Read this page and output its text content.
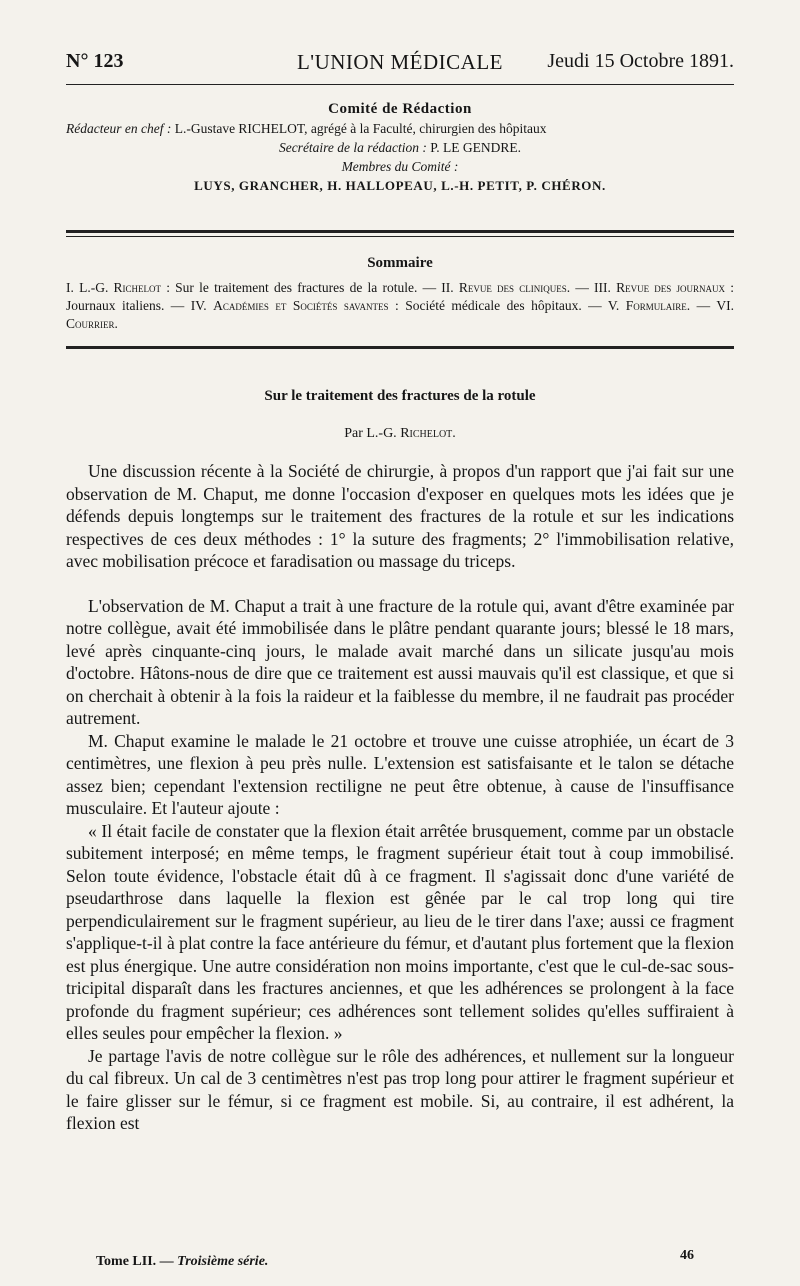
N° 123	L'UNION MÉDICALE	Jeudi 15 Octobre 1891.
Comité de Rédaction
Rédacteur en chef : L.-Gustave RICHELOT, agrégé à la Faculté, chirurgien des hôpitaux
Secrétaire de la rédaction : P. LE GENDRE.
Membres du Comité :
LUYS, GRANCHER, H. HALLOPEAU, L.-H. PETIT, P. CHÉRON.
Sommaire
I. L.-G. Richelot : Sur le traitement des fractures de la rotule. — II. Revue des cliniques. — III. Revue des journaux : Journaux italiens. — IV. Académies et Sociétés savantes : Société médicale des hôpitaux. — V. Formulaire. — VI. Courrier.
Sur le traitement des fractures de la rotule
Par L.-G. Richelot.

Une discussion récente à la Société de chirurgie, à propos d'un rapport que j'ai fait sur une observation de M. Chaput, me donne l'occasion d'exposer en quelques mots les idées que je défends depuis longtemps sur le traitement des fractures de la rotule et sur les indications respectives de ces deux méthodes : 1° la suture des fragments; 2° l'immobilisation relative, avec mobilisation précoce et faradisation ou massage du triceps.

L'observation de M. Chaput a trait à une fracture de la rotule qui, avant d'être examinée par notre collègue, avait été immobilisée dans le plâtre pendant quarante jours; blessé le 18 mars, levé après cinquante-cinq jours, le malade avait marché dans un silicate jusqu'au mois d'octobre. Hâtons-nous de dire que ce traitement est aussi mauvais qu'il est classique, et que si on cherchait à obtenir à la fois la raideur et la faiblesse du membre, il ne faudrait pas procéder autrement.

M. Chaput examine le malade le 21 octobre et trouve une cuisse atrophiée, un écart de 3 centimètres, une flexion à peu près nulle. L'extension est satisfaisante et le talon se détache assez bien; cependant l'extension rectiligne ne peut être obtenue, à cause de l'insuffisance musculaire. Et l'auteur ajoute :

« Il était facile de constater que la flexion était arrêtée brusquement, comme par un obstacle subitement interposé; en même temps, le fragment supérieur était tout à coup immobilisé. Selon toute évidence, l'obstacle était dû à ce fragment. Il s'agissait donc d'une variété de pseudarthrose dans laquelle la flexion est gênée par le cal trop long qui tire perpendiculairement sur le fragment supérieur, au lieu de le tirer dans l'axe; aussi ce fragment s'applique-t-il à plat contre la face antérieure du fémur, et d'autant plus fortement que la flexion est plus énergique. Une autre considération non moins importante, c'est que le cul-de-sac sous-tricipital disparaît dans les fractures anciennes, et que les adhérences se prolongent à la face profonde du fragment supérieur; ces adhérences sont tellement solides qu'elles suffiraient à elles seules pour empêcher la flexion. »

Je partage l'avis de notre collègue sur le rôle des adhérences, et nullement sur la longueur du cal fibreux. Un cal de 3 centimètres n'est pas trop long pour attirer le fragment supérieur et le faire glisser sur le fémur, si ce fragment est mobile. Si, au contraire, il est adhérent, la flexion est

Tome LII. — Troisième série.	46
